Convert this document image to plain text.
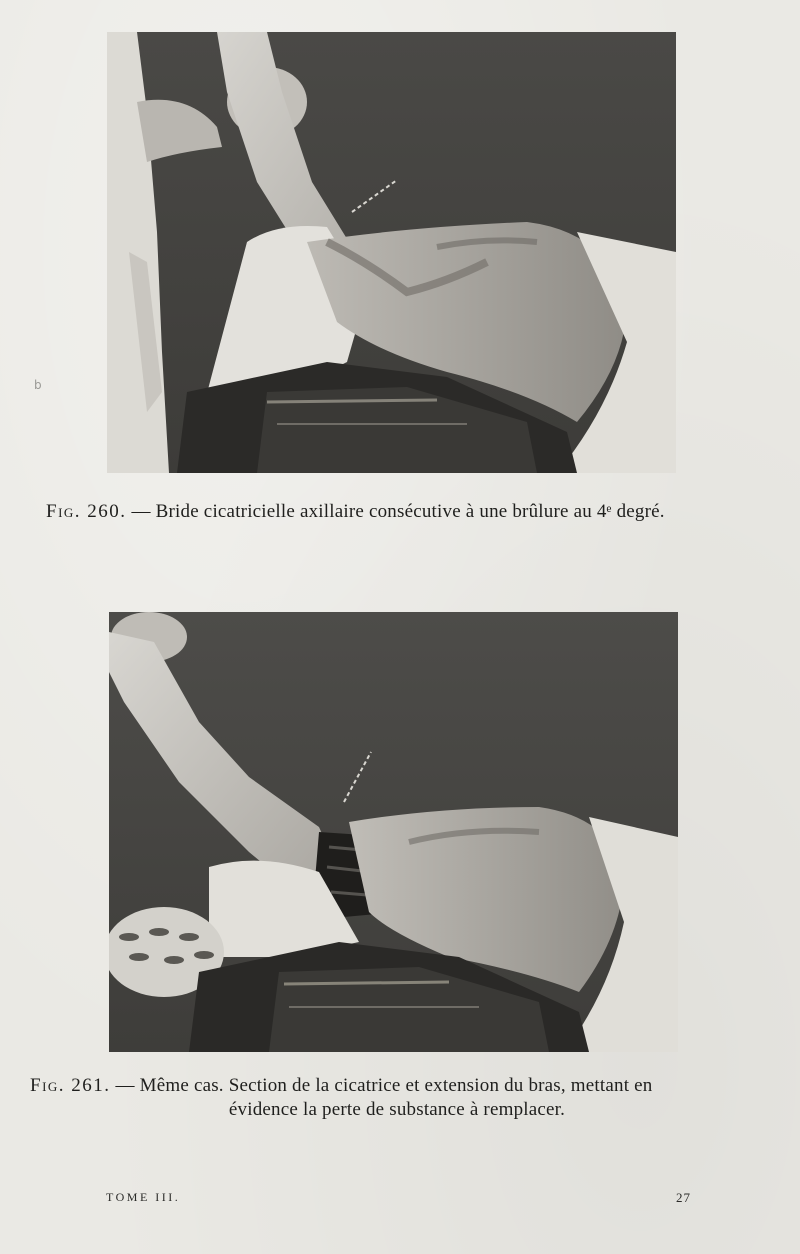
Fig. 260. — Bride cicatricielle axillaire consécutive à une brûlure au 4ᵉ degré.
Fig. 261. — Même cas. Section de la cicatrice et extension du bras, mettant en
évidence la perte de substance à remplacer.
b
TOME III.	27
